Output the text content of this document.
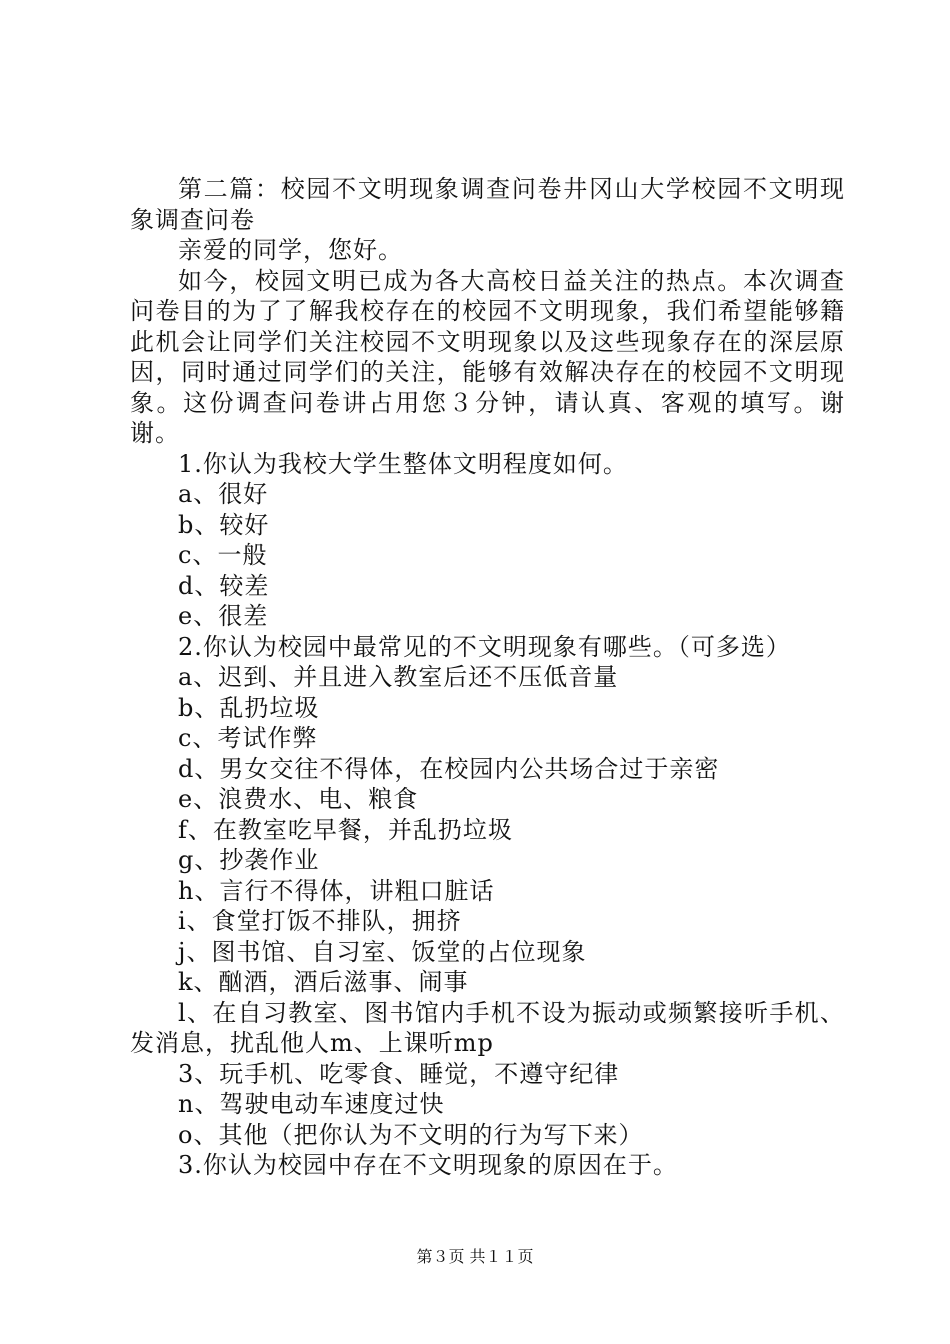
第二篇：校园不文明现象调查问卷井冈山大学校园不文明现象调查问卷

亲爱的同学，您好。

如今，校园文明已成为各大高校日益关注的热点。本次调查问卷目的为了了解我校存在的校园不文明现象，我们希望能够籍此机会让同学们关注校园不文明现象以及这些现象存在的深层原因，同时通过同学们的关注，能够有效解决存在的校园不文明现象。这份调查问卷讲占用您３分钟，请认真、客观的填写。谢谢。

1.你认为我校大学生整体文明程度如何。

a、很好

b、较好

c、一般

d、较差

e、很差

2.你认为校园中最常见的不文明现象有哪些。（可多选）

a、迟到、并且进入教室后还不压低音量

b、乱扔垃圾

c、考试作弊

d、男女交往不得体，在校园内公共场合过于亲密

e、浪费水、电、粮食

f、在教室吃早餐，并乱扔垃圾

g、抄袭作业

h、言行不得体，讲粗口脏话

i、食堂打饭不排队，拥挤

j、图书馆、自习室、饭堂的占位现象

k、酗酒，酒后滋事、闹事

l、在自习教室、图书馆内手机不设为振动或频繁接听手机、发消息，扰乱他人m、上课听mp

3、玩手机、吃零食、睡觉，不遵守纪律

n、驾驶电动车速度过快

o、其他（把你认为不文明的行为写下来）

3.你认为校园中存在不文明现象的原因在于。

第３页 共１１页
